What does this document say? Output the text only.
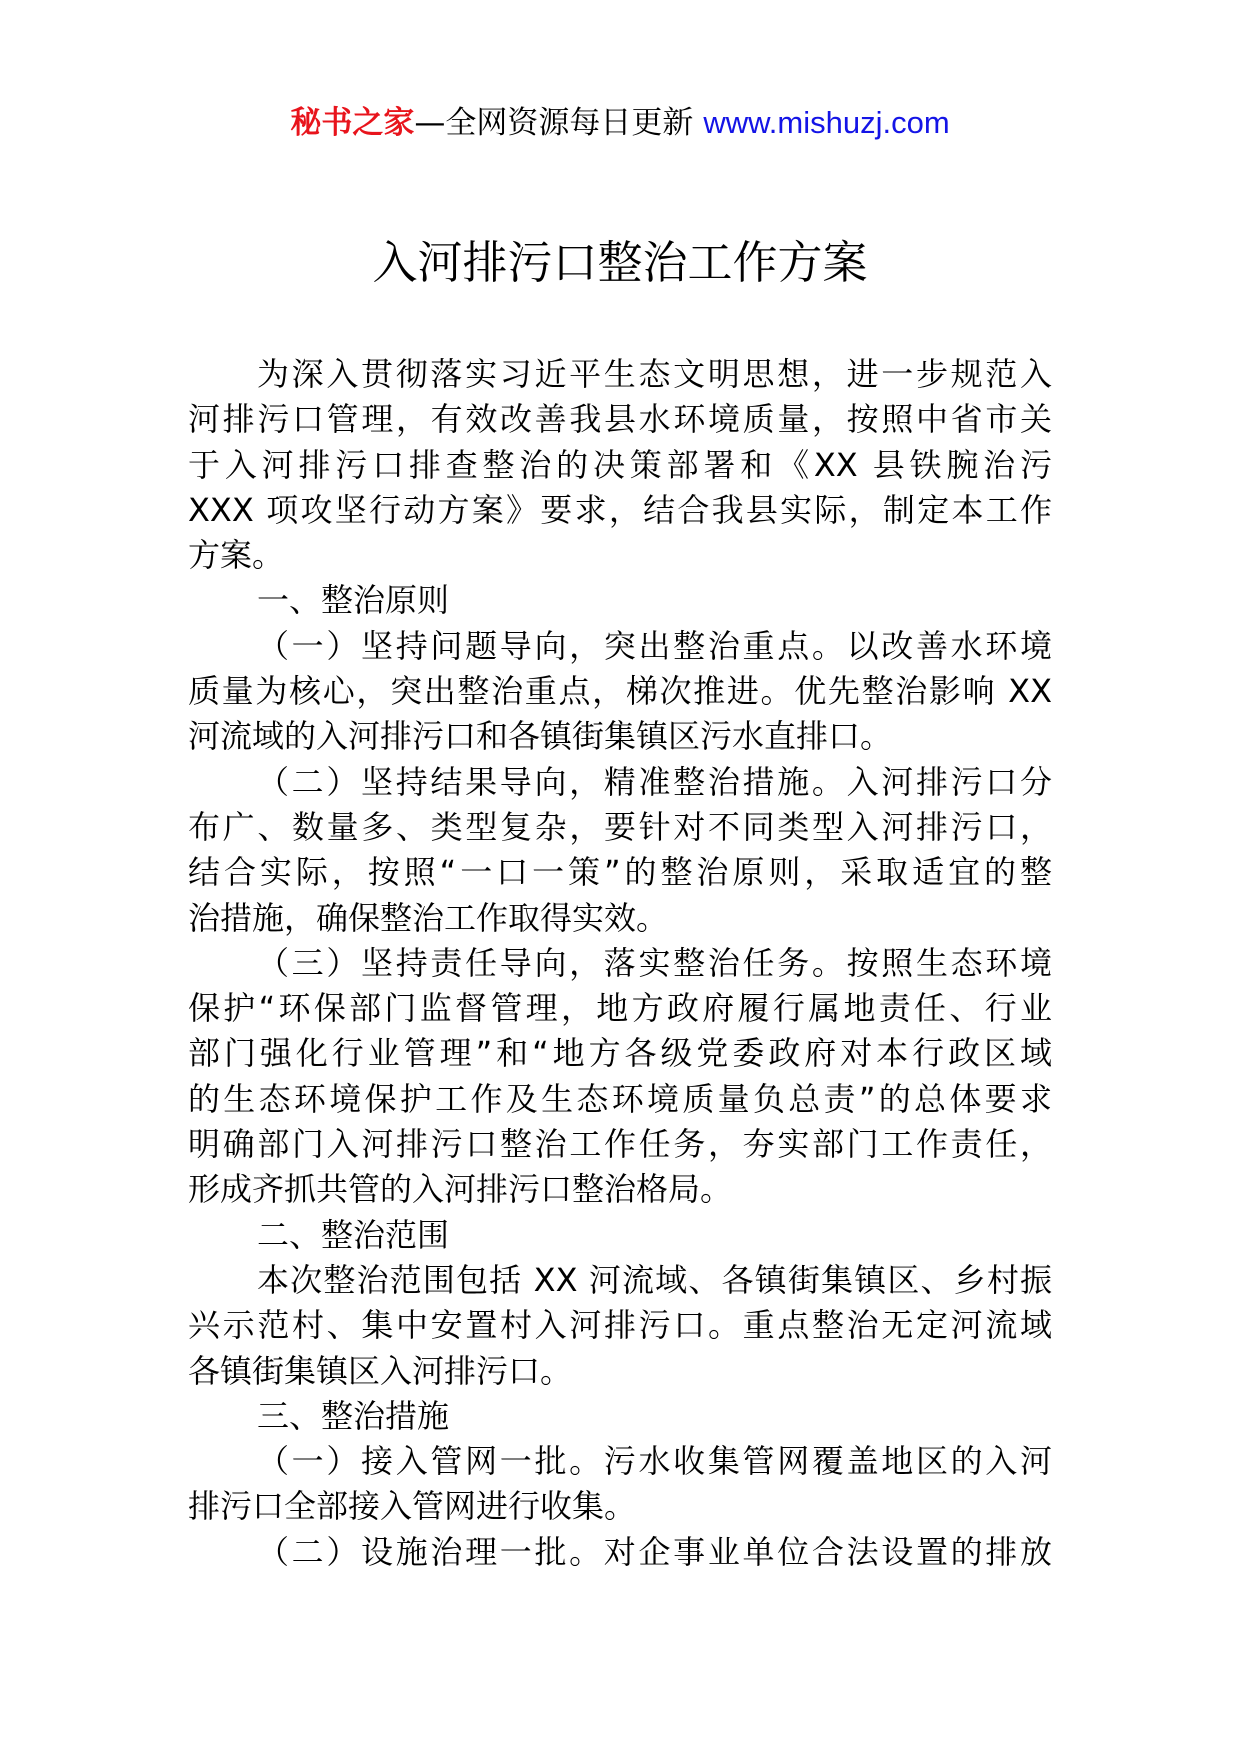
秘书之家—全网资源每日更新 www.mishuzj.com
入河排污口整治工作方案
为深入贯彻落实习近平生态文明思想，进一步规范入
河排污口管理，有效改善我县水环境质量，按照中省市关
于入河排污口排查整治的决策部署和《XX 县铁腕治污
XXX 项攻坚行动方案》要求，结合我县实际，制定本工作
方案。
一、整治原则
（一）坚持问题导向，突出整治重点。以改善水环境
质量为核心，突出整治重点，梯次推进。优先整治影响 XX
河流域的入河排污口和各镇街集镇区污水直排口。
（二）坚持结果导向，精准整治措施。入河排污口分
布广、数量多、类型复杂，要针对不同类型入河排污口，
结合实际，按照“一口一策”的整治原则，采取适宜的整
治措施，确保整治工作取得实效。
（三）坚持责任导向，落实整治任务。按照生态环境
保护“环保部门监督管理，地方政府履行属地责任、行业
部门强化行业管理”和“地方各级党委政府对本行政区域
的生态环境保护工作及生态环境质量负总责”的总体要求
明确部门入河排污口整治工作任务，夯实部门工作责任，
形成齐抓共管的入河排污口整治格局。
二、整治范围
本次整治范围包括 XX 河流域、各镇街集镇区、乡村振
兴示范村、集中安置村入河排污口。重点整治无定河流域
各镇街集镇区入河排污口。
三、整治措施
（一）接入管网一批。污水收集管网覆盖地区的入河
排污口全部接入管网进行收集。
（二）设施治理一批。对企事业单位合法设置的排放
